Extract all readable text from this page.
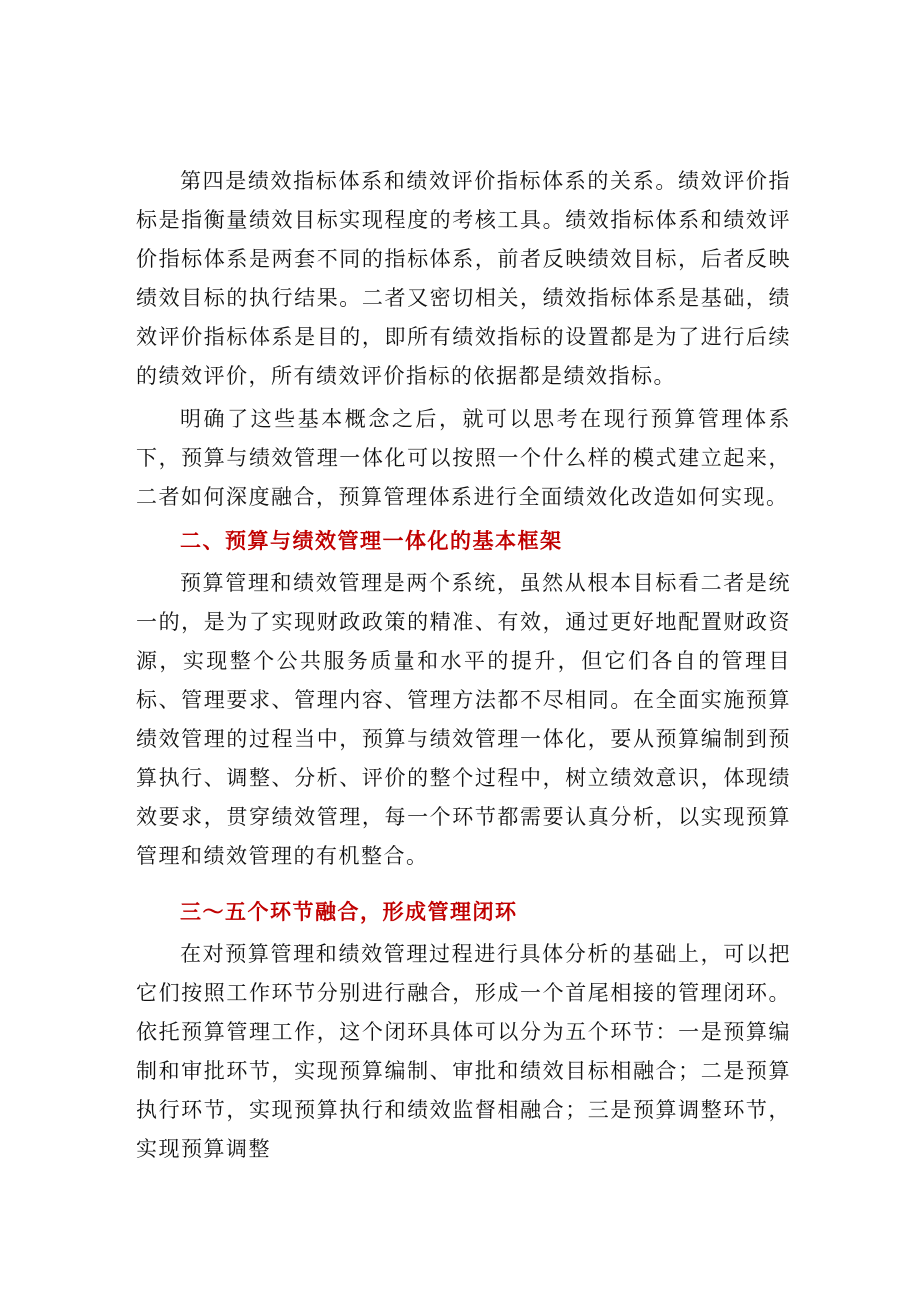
第四是绩效指标体系和绩效评价指标体系的关系。绩效评价指标是指衡量绩效目标实现程度的考核工具。绩效指标体系和绩效评价指标体系是两套不同的指标体系，前者反映绩效目标，后者反映绩效目标的执行结果。二者又密切相关，绩效指标体系是基础，绩效评价指标体系是目的，即所有绩效指标的设置都是为了进行后续的绩效评价，所有绩效评价指标的依据都是绩效指标。

明确了这些基本概念之后，就可以思考在现行预算管理体系下，预算与绩效管理一体化可以按照一个什么样的模式建立起来，二者如何深度融合，预算管理体系进行全面绩效化改造如何实现。

二、预算与绩效管理一体化的基本框架

预算管理和绩效管理是两个系统，虽然从根本目标看二者是统一的，是为了实现财政政策的精准、有效，通过更好地配置财政资源，实现整个公共服务质量和水平的提升，但它们各自的管理目标、管理要求、管理内容、管理方法都不尽相同。在全面实施预算绩效管理的过程当中，预算与绩效管理一体化，要从预算编制到预算执行、调整、分析、评价的整个过程中，树立绩效意识，体现绩效要求，贯穿绩效管理，每一个环节都需要认真分析，以实现预算管理和绩效管理的有机整合。

三～五个环节融合，形成管理闭环

在对预算管理和绩效管理过程进行具体分析的基础上，可以把它们按照工作环节分别进行融合，形成一个首尾相接的管理闭环。依托预算管理工作，这个闭环具体可以分为五个环节：一是预算编制和审批环节，实现预算编制、审批和绩效目标相融合；二是预算执行环节，实现预算执行和绩效监督相融合；三是预算调整环节，实现预算调整
